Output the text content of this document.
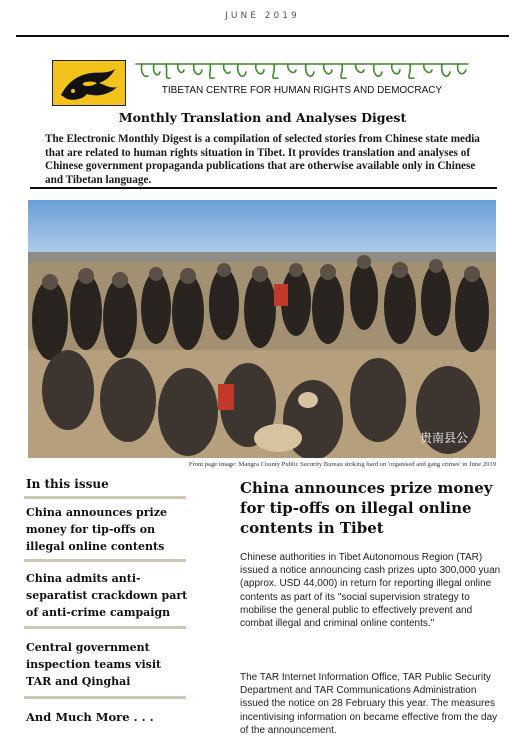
JUNE 2019
TIBETAN CENTRE FOR HUMAN RIGHTS AND DEMOCRACY
Monthly Translation and Analyses Digest
The Electronic Monthly Digest is a compilation of selected stories from Chinese state media that are related to human rights situation in Tibet. It provides translation and analyses of Chinese government propaganda publications that are otherwise available only in Chinese and Tibetan language.
贵南县公
Front page image: Mangra County Public Security Bureau striking hard on 'organised and gang crimes' in June 2019
In this issue
China announces prize money for tip-offs on illegal online contents
China admits anti-separatist crackdown part of anti-crime campaign
Central government inspection teams visit TAR and Qinghai
And Much More . . .
China announces prize money for tip-offs on illegal online contents in Tibet
Chinese authorities in Tibet Autonomous Region (TAR) issued a notice announcing cash prizes upto 300,000 yuan (approx. USD 44,000) in return for reporting illegal online contents as part of its "social supervision strategy to mobilise the general public to effectively prevent and combat illegal and criminal online contents."
The TAR Internet Information Office, TAR Public Security Department and TAR Communications Administration issued the notice on 28 February this year. The measures incentivising information on became effective from the day of the announcement.
